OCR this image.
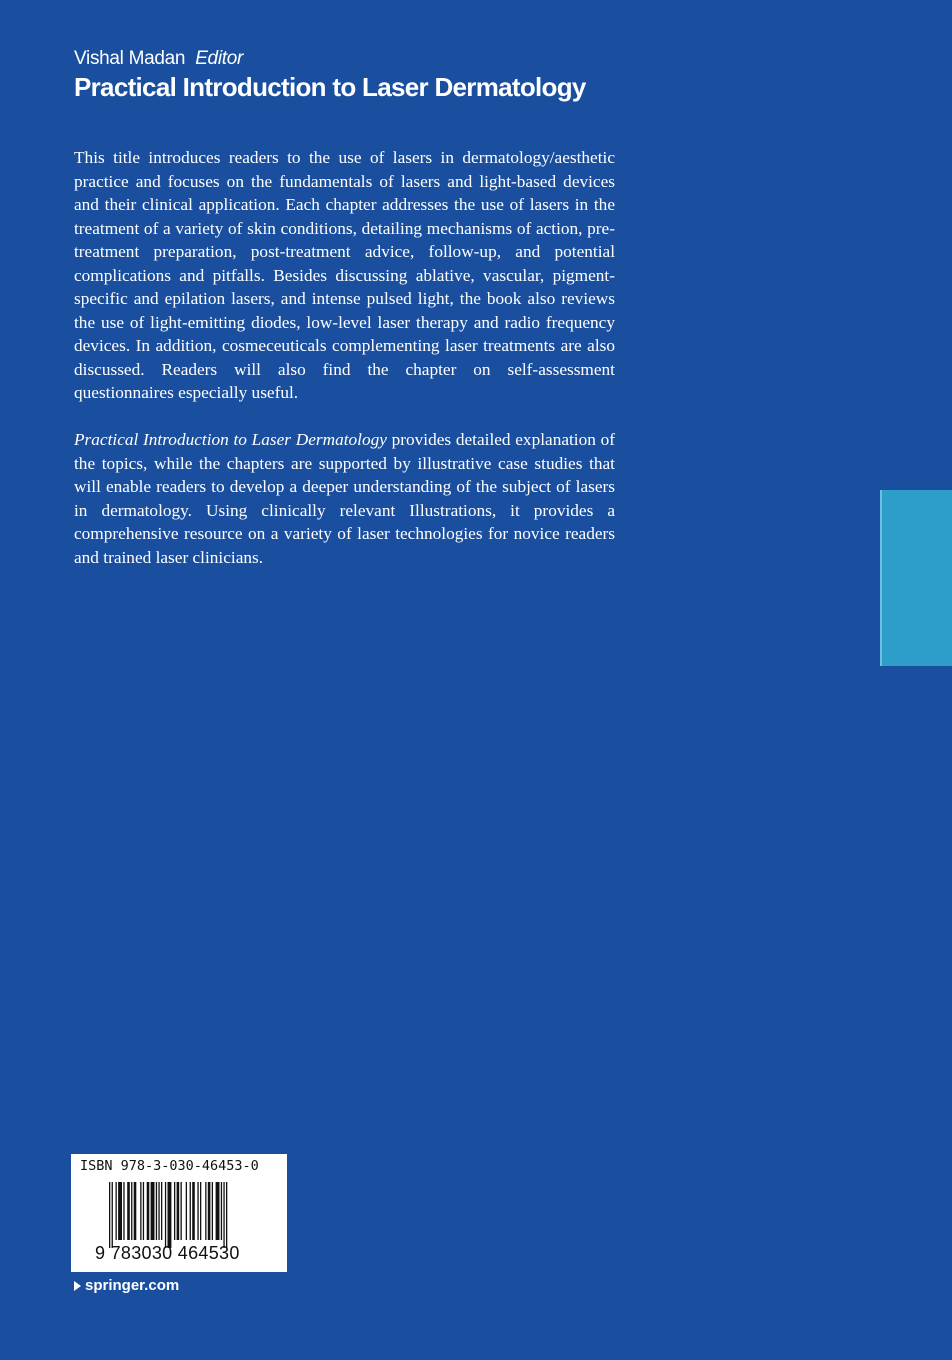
Vishal Madan Editor
Practical Introduction to Laser Dermatology

This title introduces readers to the use of lasers in dermatology/aesthetic practice and focuses on the fundamentals of lasers and light-based devices and their clinical application. Each chapter addresses the use of lasers in the treatment of a variety of skin conditions, detailing mechanisms of action, pre-treatment preparation, post-treatment advice, follow-up, and potential complications and pitfalls. Besides discussing ablative, vascular, pigment-specific and epilation lasers, and intense pulsed light, the book also reviews the use of light-emitting diodes, low-level laser therapy and radio frequency devices. In addition, cosmeceuticals complementing laser treatments are also discussed. Readers will also find the chapter on self-assessment questionnaires especially useful.

Practical Introduction to Laser Dermatology provides detailed explanation of the topics, while the chapters are supported by illustrative case studies that will enable readers to develop a deeper understanding of the subject of lasers in dermatology. Using clinically relevant Illustrations, it provides a comprehensive resource on a variety of laser technologies for novice readers and trained laser clinicians.

ISBN 978-3-030-46453-0
9 783030 464530
springer.com
